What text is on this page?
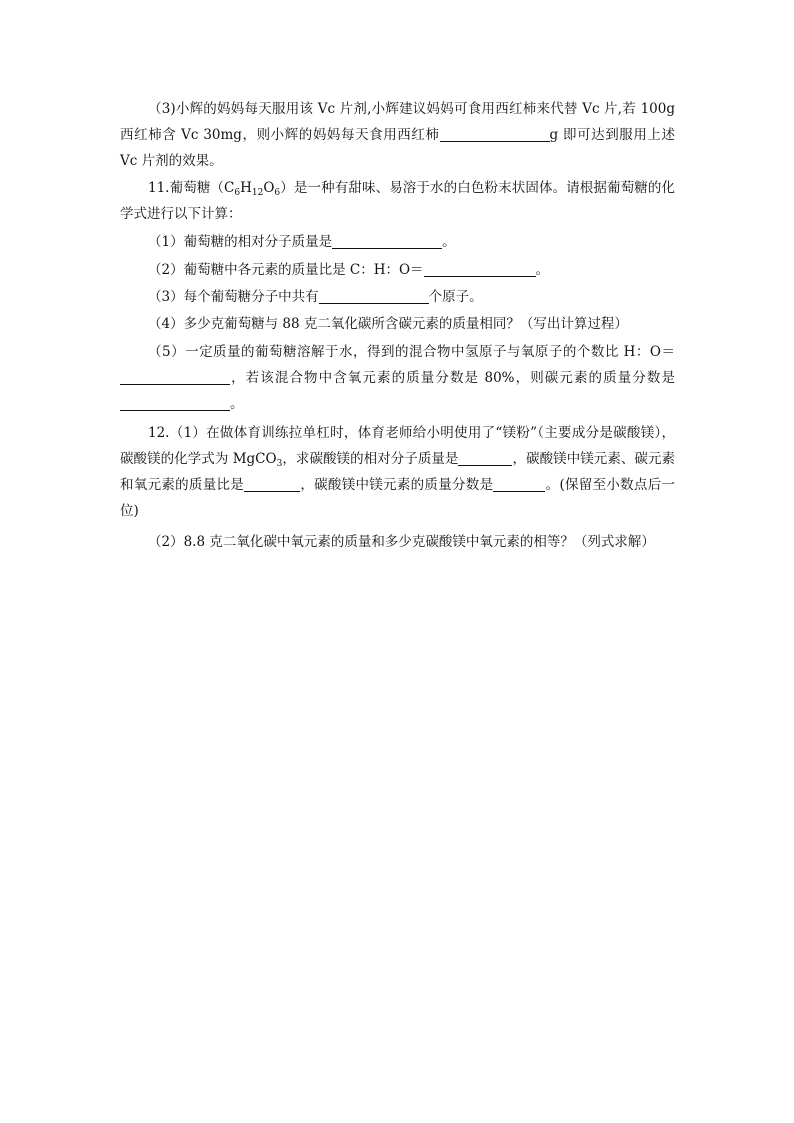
（3)小辉的妈妈每天服用该 Vc 片剂,小辉建议妈妈可食用西红柿来代替 Vc 片,若 100g 西红柿含 Vc 30mg，则小辉的妈妈每天食用西红柿	g 即可达到服用上述 Vc 片剂的效果。

11.葡萄糖$(C_6H_{12}O_6)$是一种有甜味、易溶于水的白色粉末状固体。请根据葡萄糖的化学式进行以下计算：

（1）葡萄糖的相对分子质量是	。

（2）葡萄糖中各元素的质量比是 C：H：O＝	。

（3）每个葡萄糖分子中共有	个原子。

（4）多少克葡萄糖与 88 克二氧化碳所含碳元素的质量相同？（写出计算过程）

（5）一定质量的葡萄糖溶解于水，得到的混合物中氢原子与氧原子的个数比 H：O＝，若该混合物中含氧元素的质量分数是 80%，则碳元素的质量分数是。

12.（1）在做体育训练拉单杠时，体育老师给小明使用了“镁粉”（主要成分是碳酸镁），碳酸镁的化学式为 MgCO$_3$，求碳酸镁的相对分子质量是	，碳酸镁中镁元素、碳元素和氧元素的质量比是	，碳酸镁中镁元素的质量分数是	。(保留至小数点后一位)

（2）8.8 克二氧化碳中氧元素的质量和多少克碳酸镁中氧元素的相等？（列式求解）
